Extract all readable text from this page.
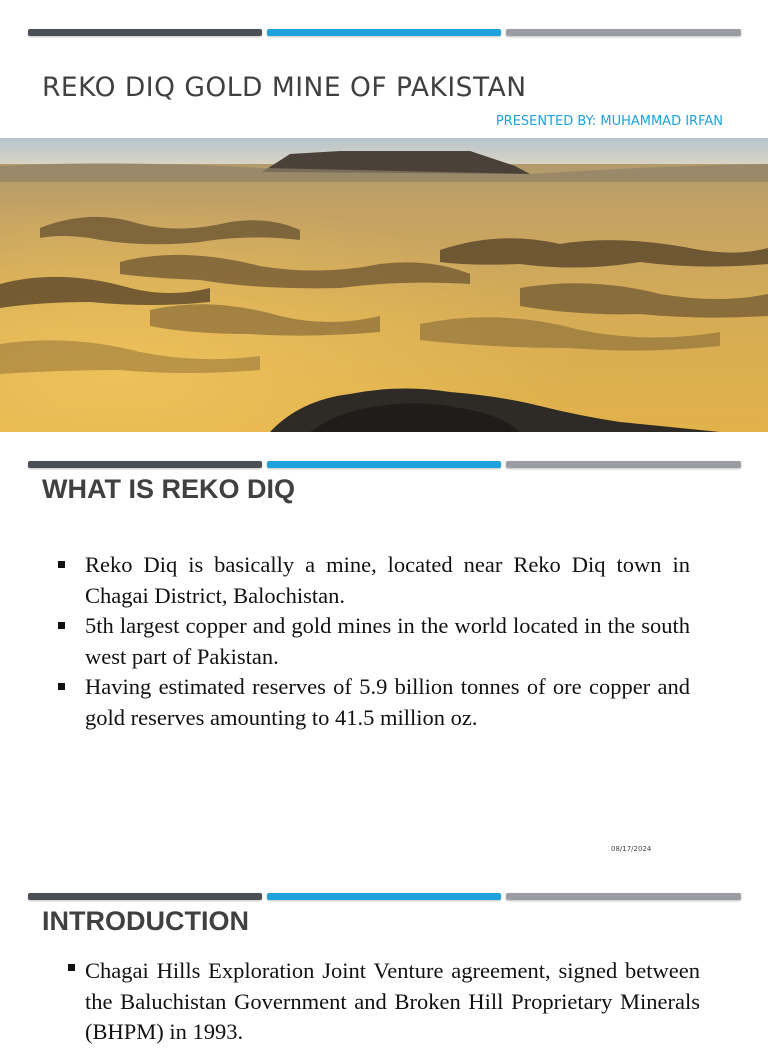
REKO DIQ GOLD MINE OF PAKISTAN
PRESENTED BY: MUHAMMAD IRFAN
WHAT IS REKO DIQ
Reko Diq is basically a mine, located near Reko Diq town in Chagai District, Balochistan.
5th largest copper and gold mines in the world located in the south west part of Pakistan.
Having estimated reserves of 5.9 billion tonnes of ore copper and gold reserves amounting to 41.5 million oz.
08/17/2024
INTRODUCTION
Chagai Hills Exploration Joint Venture agreement, signed between the Baluchistan Government and Broken Hill Proprietary Minerals (BHPM) in 1993.
